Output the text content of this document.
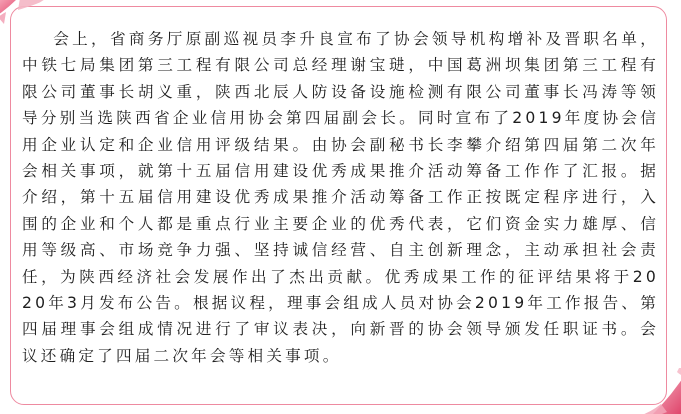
会上，省商务厅原副巡视员李升良宣布了协会领导机构增补及晋职名单，中铁七局集团第三工程有限公司总经理谢宝琎，中国葛洲坝集团第三工程有限公司董事长胡义重，陕西北辰人防设备设施检测有限公司董事长冯涛等领导分别当选陕西省企业信用协会第四届副会长。同时宣布了2019年度协会信用企业认定和企业信用评级结果。由协会副秘书长李攀介绍第四届第二次年会相关事项，就第十五届信用建设优秀成果推介活动筹备工作作了汇报。据介绍，第十五届信用建设优秀成果推介活动筹备工作正按既定程序进行，入围的企业和个人都是重点行业主要企业的优秀代表，它们资金实力雄厚、信用等级高、市场竞争力强、坚持诚信经营、自主创新理念，主动承担社会责任，为陕西经济社会发展作出了杰出贡献。优秀成果工作的征评结果将于2020年3月发布公告。根据议程，理事会组成人员对协会2019年工作报告、第四届理事会组成情况进行了审议表决，向新晋的协会领导颁发任职证书。会议还确定了四届二次年会等相关事项。
